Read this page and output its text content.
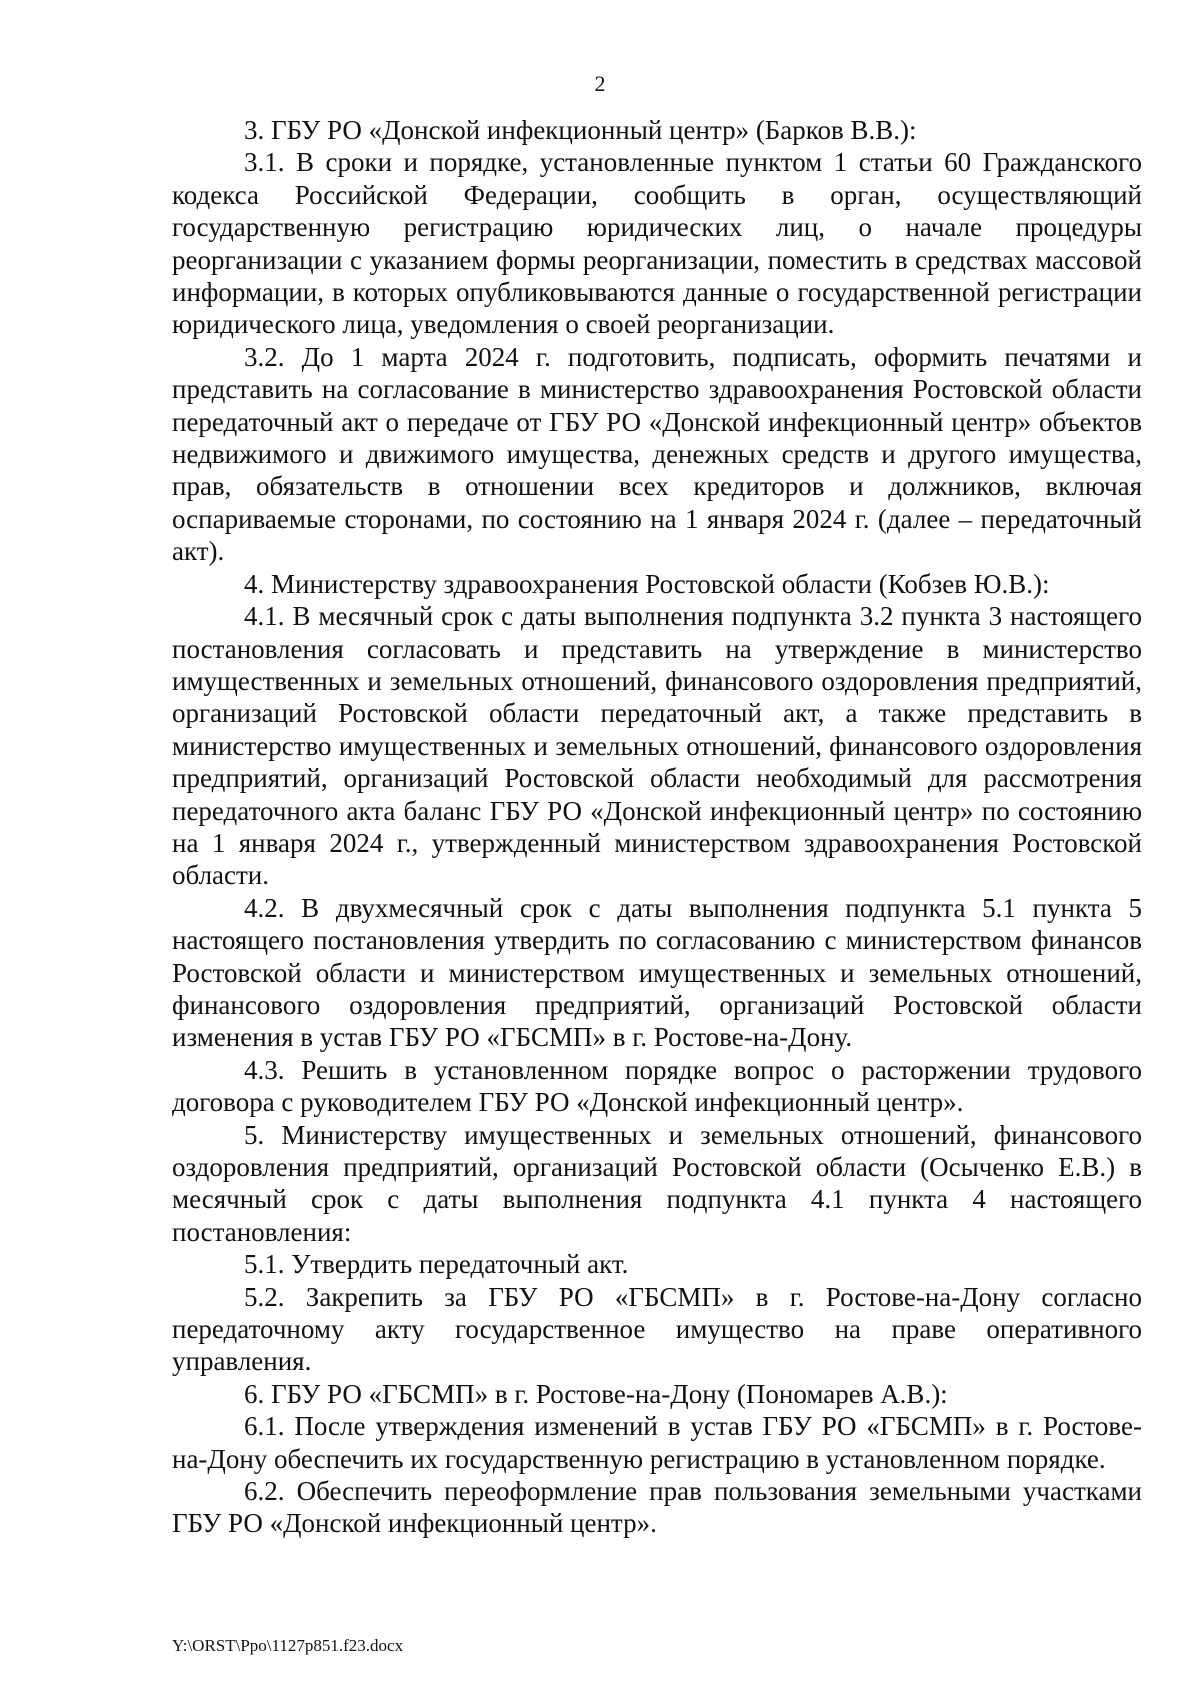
2

3. ГБУ РО «Донской инфекционный центр» (Барков В.В.):

3.1. В сроки и порядке, установленные пунктом 1 статьи 60 Гражданского кодекса Российской Федерации, сообщить в орган, осуществляющий государственную регистрацию юридических лиц, о начале процедуры реорганизации с указанием формы реорганизации, поместить в средствах массовой информации, в которых опубликовываются данные о государственной регистрации юридического лица, уведомления о своей реорганизации.

3.2. До 1 марта 2024 г. подготовить, подписать, оформить печатями и представить на согласование в министерство здравоохранения Ростовской области передаточный акт о передаче от ГБУ РО «Донской инфекционный центр» объектов недвижимого и движимого имущества, денежных средств и другого имущества, прав, обязательств в отношении всех кредиторов и должников, включая оспариваемые сторонами, по состоянию на 1 января 2024 г. (далее – передаточный акт).

4. Министерству здравоохранения Ростовской области (Кобзев Ю.В.):

4.1. В месячный срок с даты выполнения подпункта 3.2 пункта 3 настоящего постановления согласовать и представить на утверждение в министерство имущественных и земельных отношений, финансового оздоровления предприятий, организаций Ростовской области передаточный акт, а также представить в министерство имущественных и земельных отношений, финансового оздоровления предприятий, организаций Ростовской области необходимый для рассмотрения передаточного акта баланс ГБУ РО «Донской инфекционный центр» по состоянию на 1 января 2024 г., утвержденный министерством здравоохранения Ростовской области.

4.2. В двухмесячный срок с даты выполнения подпункта 5.1 пункта 5 настоящего постановления утвердить по согласованию с министерством финансов Ростовской области и министерством имущественных и земельных отношений, финансового оздоровления предприятий, организаций Ростовской области изменения в устав ГБУ РО «ГБСМП» в г. Ростове-на-Дону.

4.3. Решить в установленном порядке вопрос о расторжении трудового договора с руководителем ГБУ РО «Донской инфекционный центр».

5. Министерству имущественных и земельных отношений, финансового оздоровления предприятий, организаций Ростовской области (Осыченко Е.В.) в месячный срок с даты выполнения подпункта 4.1 пункта 4 настоящего постановления:

5.1. Утвердить передаточный акт.

5.2. Закрепить за ГБУ РО «ГБСМП» в г. Ростове-на-Дону согласно передаточному акту государственное имущество на праве оперативного управления.

6. ГБУ РО «ГБСМП» в г. Ростове-на-Дону (Пономарев А.В.):

6.1. После утверждения изменений в устав ГБУ РО «ГБСМП» в г. Ростове-на-Дону обеспечить их государственную регистрацию в установленном порядке.

6.2. Обеспечить переоформление прав пользования земельными участками ГБУ РО «Донской инфекционный центр».

Y:\ORST\Ppo\1127p851.f23.docx
